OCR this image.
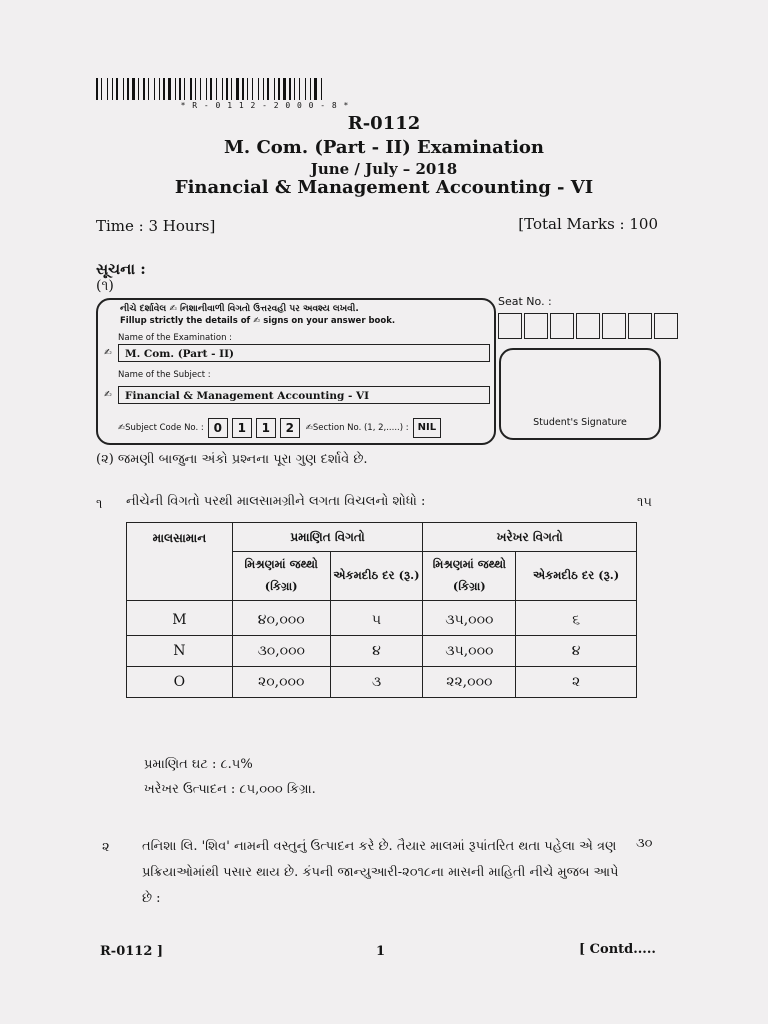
* R - 0 1 1 2 - 2 0 0 0 - 8 *
R-0112
M. Com. (Part - II) Examination
June / July – 2018
Financial & Management Accounting - VI
Time : 3 Hours]	[Total Marks : 100
સૂચના :
(૧)
નીચે દર્શાવેલ ✍ નિશાનીવાળી વિગતો ઉત્તરવહી પર અવશ્ય લખવી.
Fillup strictly the details of ✍ signs on your answer book.
Name of the Examination :
✍	M. Com. (Part - II)
Name of the Subject :
✍	Financial & Management Accounting - VI
✍ Subject Code No. : 0	1	1	2	✍ Section No. (1, 2,.....) : NIL
Seat No. :
Student's Signature
(૨) જમણી બાજુના અંકો પ્રશ્નના પૂરા ગુણ દર્શાવે છે.
૧ નીચેની વિગતો પરથી માલસામગ્રીને લગતા વિચલનો શોધો :	૧૫
માલસામાન	પ્રમાણિત વિગતો		ખરેખર વિગતો	
	મિશ્રણમાં જથ્થો (કિગ્રા)	એકમદીઠ દર (રૂ.)	મિશ્રણમાં જથ્થો (કિગ્રા)	એકમદીઠ દર (રૂ.)
M	૪૦,૦૦૦	૫	૩૫,૦૦૦	૬
N	૩૦,૦૦૦	૪	૩૫,૦૦૦	૪
O	૨૦,૦૦૦	૩	૨૨,૦૦૦	૨
પ્રમાણિત ઘટ : ૮.૫%
ખરેખર ઉત્પાદન : ૮૫,૦૦૦ કિગ્રા.
૨ તનિશા લિ. 'શિવ' નામની વસ્તુનું ઉત્પાદન કરે છે. તૈયાર માલમાં રૂપાંતરિત થતા પહેલા એ ત્રણ પ્રક્રિયાઓમાંથી પસાર થાય છે. કંપની જાન્યુઆરી-૨૦૧૮ના માસની માહિતી નીચે મુજબ આપે છે :
૩૦
R-0112 ]	1	[ Contd.....
